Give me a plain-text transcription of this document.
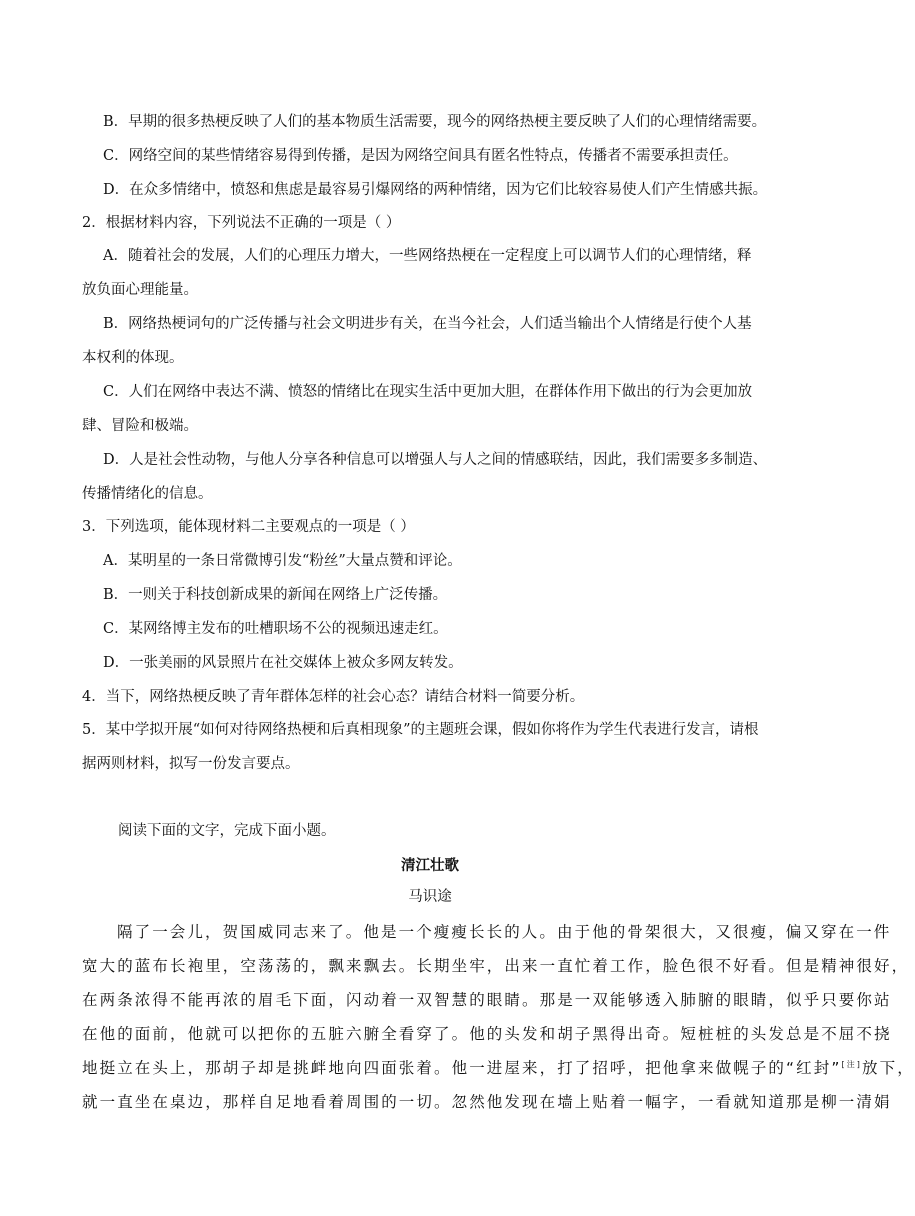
B．早期的很多热梗反映了人们的基本物质生活需要，现今的网络热梗主要反映了人们的心理情绪需要。
C．网络空间的某些情绪容易得到传播，是因为网络空间具有匿名性特点，传播者不需要承担责任。
D．在众多情绪中，愤怒和焦虑是最容易引爆网络的两种情绪，因为它们比较容易使人们产生情感共振。
2．根据材料内容，下列说法不正确的一项是（ ）
A．随着社会的发展，人们的心理压力增大，一些网络热梗在一定程度上可以调节人们的心理情绪，释
放负面心理能量。
B．网络热梗词句的广泛传播与社会文明进步有关，在当今社会，人们适当输出个人情绪是行使个人基
本权利的体现。
C．人们在网络中表达不满、愤怒的情绪比在现实生活中更加大胆，在群体作用下做出的行为会更加放
肆、冒险和极端。
D．人是社会性动物，与他人分享各种信息可以增强人与人之间的情感联结，因此，我们需要多多制造、
传播情绪化的信息。
3．下列选项，能体现材料二主要观点的一项是（ ）
A．某明星的一条日常微博引发“粉丝”大量点赞和评论。
B．一则关于科技创新成果的新闻在网络上广泛传播。
C．某网络博主发布的吐槽职场不公的视频迅速走红。
D．一张美丽的风景照片在社交媒体上被众多网友转发。
4．当下，网络热梗反映了青年群体怎样的社会心态？请结合材料一简要分析。
5．某中学拟开展“如何对待网络热梗和后真相现象”的主题班会课，假如你将作为学生代表进行发言，请根
据两则材料，拟写一份发言要点。
阅读下面的文字，完成下面小题。
清江壮歌
马识途
隔了一会儿，贺国威同志来了。他是一个瘦瘦长长的人。由于他的骨架很大，又很瘦，偏又穿在一件
宽大的蓝布长袍里，空荡荡的，飘来飘去。长期坐牢，出来一直忙着工作，脸色很不好看。但是精神很好，
在两条浓得不能再浓的眉毛下面，闪动着一双智慧的眼睛。那是一双能够透入肺腑的眼睛，似乎只要你站
在他的面前，他就可以把你的五脏六腑全看穿了。他的头发和胡子黑得出奇。短桩桩的头发总是不屈不挠
地挺立在头上，那胡子却是挑衅地向四面张着。他一进屋来，打了招呼，把他拿来做幌子的“红封”[注]放下，
就一直坐在桌边，那样自足地看着周围的一切。忽然他发现在墙上贴着一幅字，一看就知道那是柳一清娟
